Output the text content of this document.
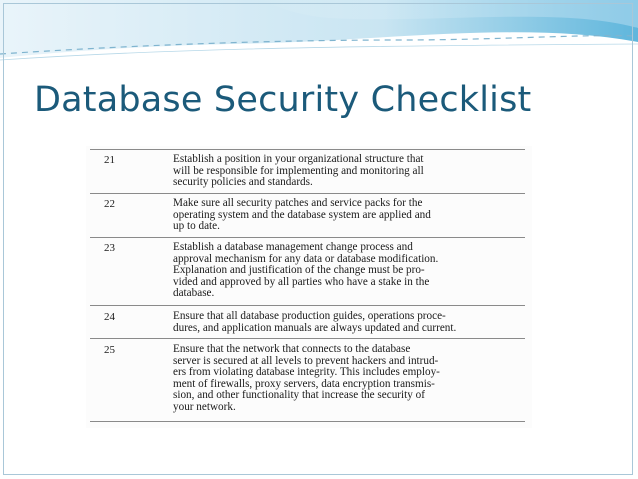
Database Security Checklist
21	Establish a position in your organizational structure that
will be responsible for implementing and monitoring all
security policies and standards.
22	Make sure all security patches and service packs for the
operating system and the database system are applied and
up to date.
23	Establish a database management change process and
approval mechanism for any data or database modification.
Explanation and justification of the change must be pro-
vided and approved by all parties who have a stake in the
database.
24	Ensure that all database production guides, operations proce-
dures, and application manuals are always updated and current.
25	Ensure that the network that connects to the database
server is secured at all levels to prevent hackers and intrud-
ers from violating database integrity. This includes employ-
ment of firewalls, proxy servers, data encryption transmis-
sion, and other functionality that increase the security of
your network.
